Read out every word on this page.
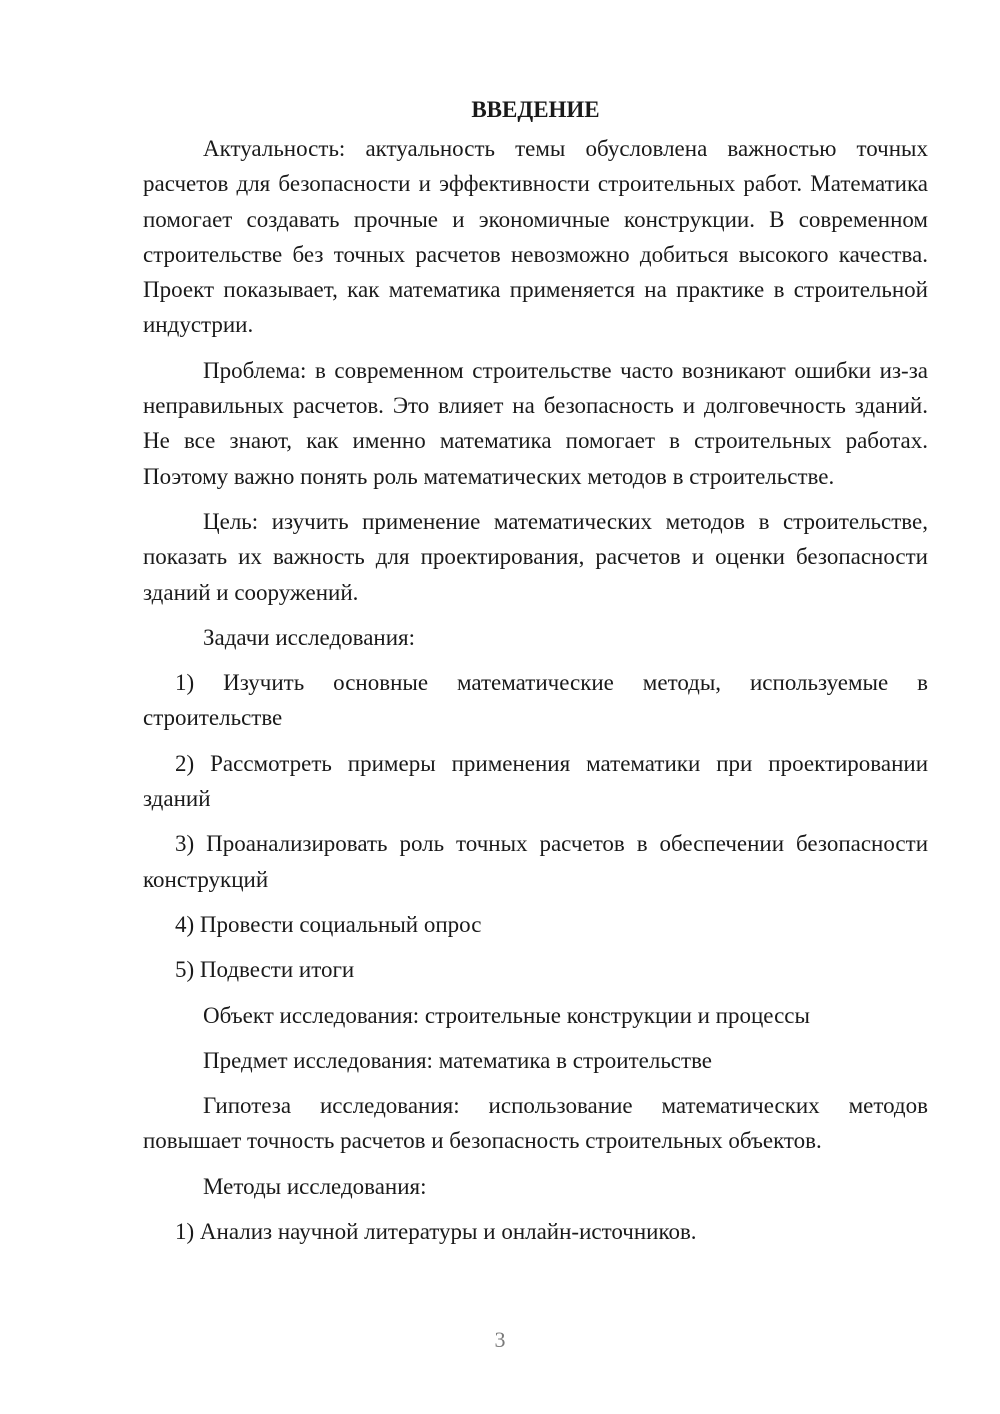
ВВЕДЕНИЕ

Актуальность: актуальность темы обусловлена важностью точных расчетов для безопасности и эффективности строительных работ. Математика помогает создавать прочные и экономичные конструкции. В современном строительстве без точных расчетов невозможно добиться высокого качества. Проект показывает, как математика применяется на практике в строительной индустрии.

Проблема: в современном строительстве часто возникают ошибки из-за неправильных расчетов. Это влияет на безопасность и долговечность зданий. Не все знают, как именно математика помогает в строительных работах. Поэтому важно понять роль математических методов в строительстве.

Цель: изучить применение математических методов в строительстве, показать их важность для проектирования, расчетов и оценки безопасности зданий и сооружений.

Задачи исследования:

1) Изучить основные математические методы, используемые в строительстве

2) Рассмотреть примеры применения математики при проектировании зданий

3) Проанализировать роль точных расчетов в обеспечении безопасности конструкций

4) Провести социальный опрос

5) Подвести итоги

Объект исследования: строительные конструкции и процессы

Предмет исследования: математика в строительстве

Гипотеза исследования: использование математических методов повышает точность расчетов и безопасность строительных объектов.

Методы исследования:

1) Анализ научной литературы и онлайн-источников.

3
